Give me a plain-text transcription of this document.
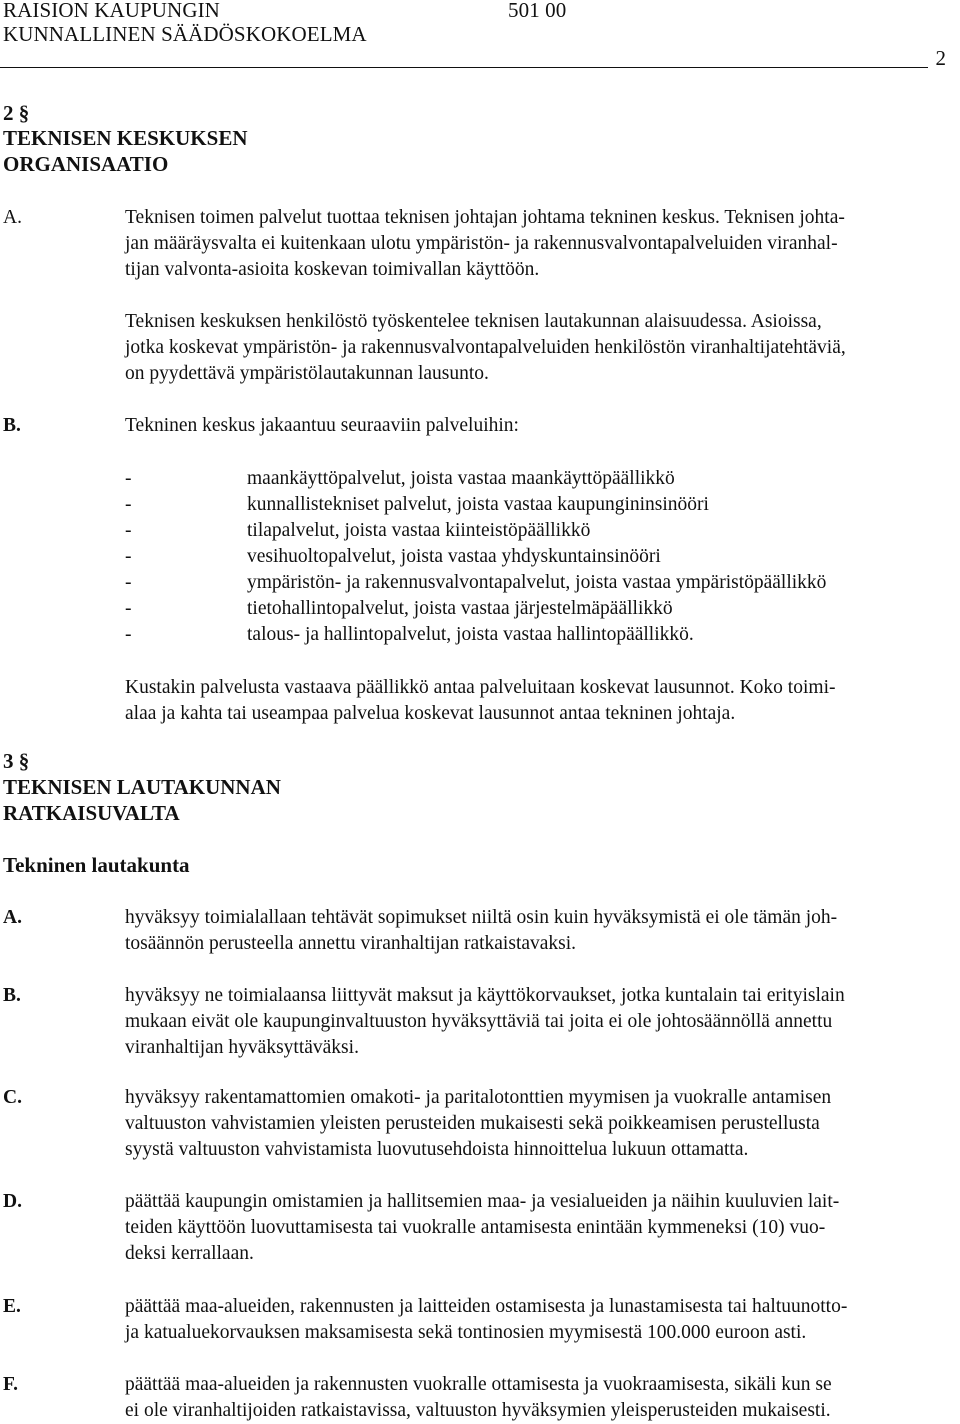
RAISION KAUPUNGIN	501 00
KUNNALLINEN SÄÄDÖSKOKOELMA
2
2 §
TEKNISEN KESKUKSEN
ORGANISAATIO
A.	Teknisen toimen palvelut tuottaa teknisen johtajan johtama tekninen keskus. Teknisen johta-
jan määräysvalta ei kuitenkaan ulotu ympäristön- ja rakennusvalvontapalveluiden viranhal-
tijan valvonta-asioita koskevan toimivallan käyttöön.
Teknisen keskuksen henkilöstö työskentelee teknisen lautakunnan alaisuudessa. Asioissa,
jotka koskevat ympäristön- ja rakennusvalvontapalveluiden henkilöstön viranhaltijatehtäviä,
on pyydettävä ympäristölautakunnan lausunto.
B.	Tekninen keskus jakaantuu seuraaviin palveluihin:
-	maankäyttöpalvelut, joista vastaa maankäyttöpäällikkö
-	kunnallistekniset palvelut, joista vastaa kaupungininsinööri
-	tilapalvelut, joista vastaa kiinteistöpäällikkö
-	vesihuoltopalvelut, joista vastaa yhdyskuntainsinööri
-	ympäristön- ja rakennusvalvontapalvelut, joista vastaa ympäristöpäällikkö
-	tietohallintopalvelut, joista vastaa järjestelmäpäällikkö
-	talous- ja hallintopalvelut, joista vastaa hallintopäällikkö.
Kustakin palvelusta vastaava päällikkö antaa palveluitaan koskevat lausunnot. Koko toimi-
alaa ja kahta tai useampaa palvelua koskevat lausunnot antaa tekninen johtaja.
3 §
TEKNISEN LAUTAKUNNAN
RATKAISUVALTA
Tekninen lautakunta
A.	hyväksyy toimialallaan tehtävät sopimukset niiltä osin kuin hyväksymistä ei ole tämän joh-
tosäännön perusteella annettu viranhaltijan ratkaistavaksi.
B.	hyväksyy ne toimialaansa liittyvät maksut ja käyttökorvaukset, jotka kuntalain tai erityislain
mukaan eivät ole kaupunginvaltuuston hyväksyttäviä tai joita ei ole johtosäännöllä annettu
viranhaltijan hyväksyttäväksi.
C.	hyväksyy rakentamattomien omakoti- ja paritalotonttien myymisen ja vuokralle antamisen
valtuuston vahvistamien yleisten perusteiden mukaisesti sekä poikkeamisen perustellusta
syystä valtuuston vahvistamista luovutusehdoista hinnoittelua lukuun ottamatta.
D.	päättää kaupungin omistamien ja hallitsemien maa- ja vesialueiden ja näihin kuuluvien lait-
teiden käyttöön luovuttamisesta tai vuokralle antamisesta enintään kymmeneksi (10) vuo-
deksi kerrallaan.
E.	päättää maa-alueiden, rakennusten ja laitteiden ostamisesta ja lunastamisesta tai haltuunotto-
ja katualuekorvauksen maksamisesta sekä tontinosien myymisestä 100.000 euroon asti.
F.	päättää maa-alueiden ja rakennusten vuokralle ottamisesta ja vuokraamisesta, sikäli kun se
ei ole viranhaltijoiden ratkaistavissa, valtuuston hyväksymien yleisperusteiden mukaisesti.
